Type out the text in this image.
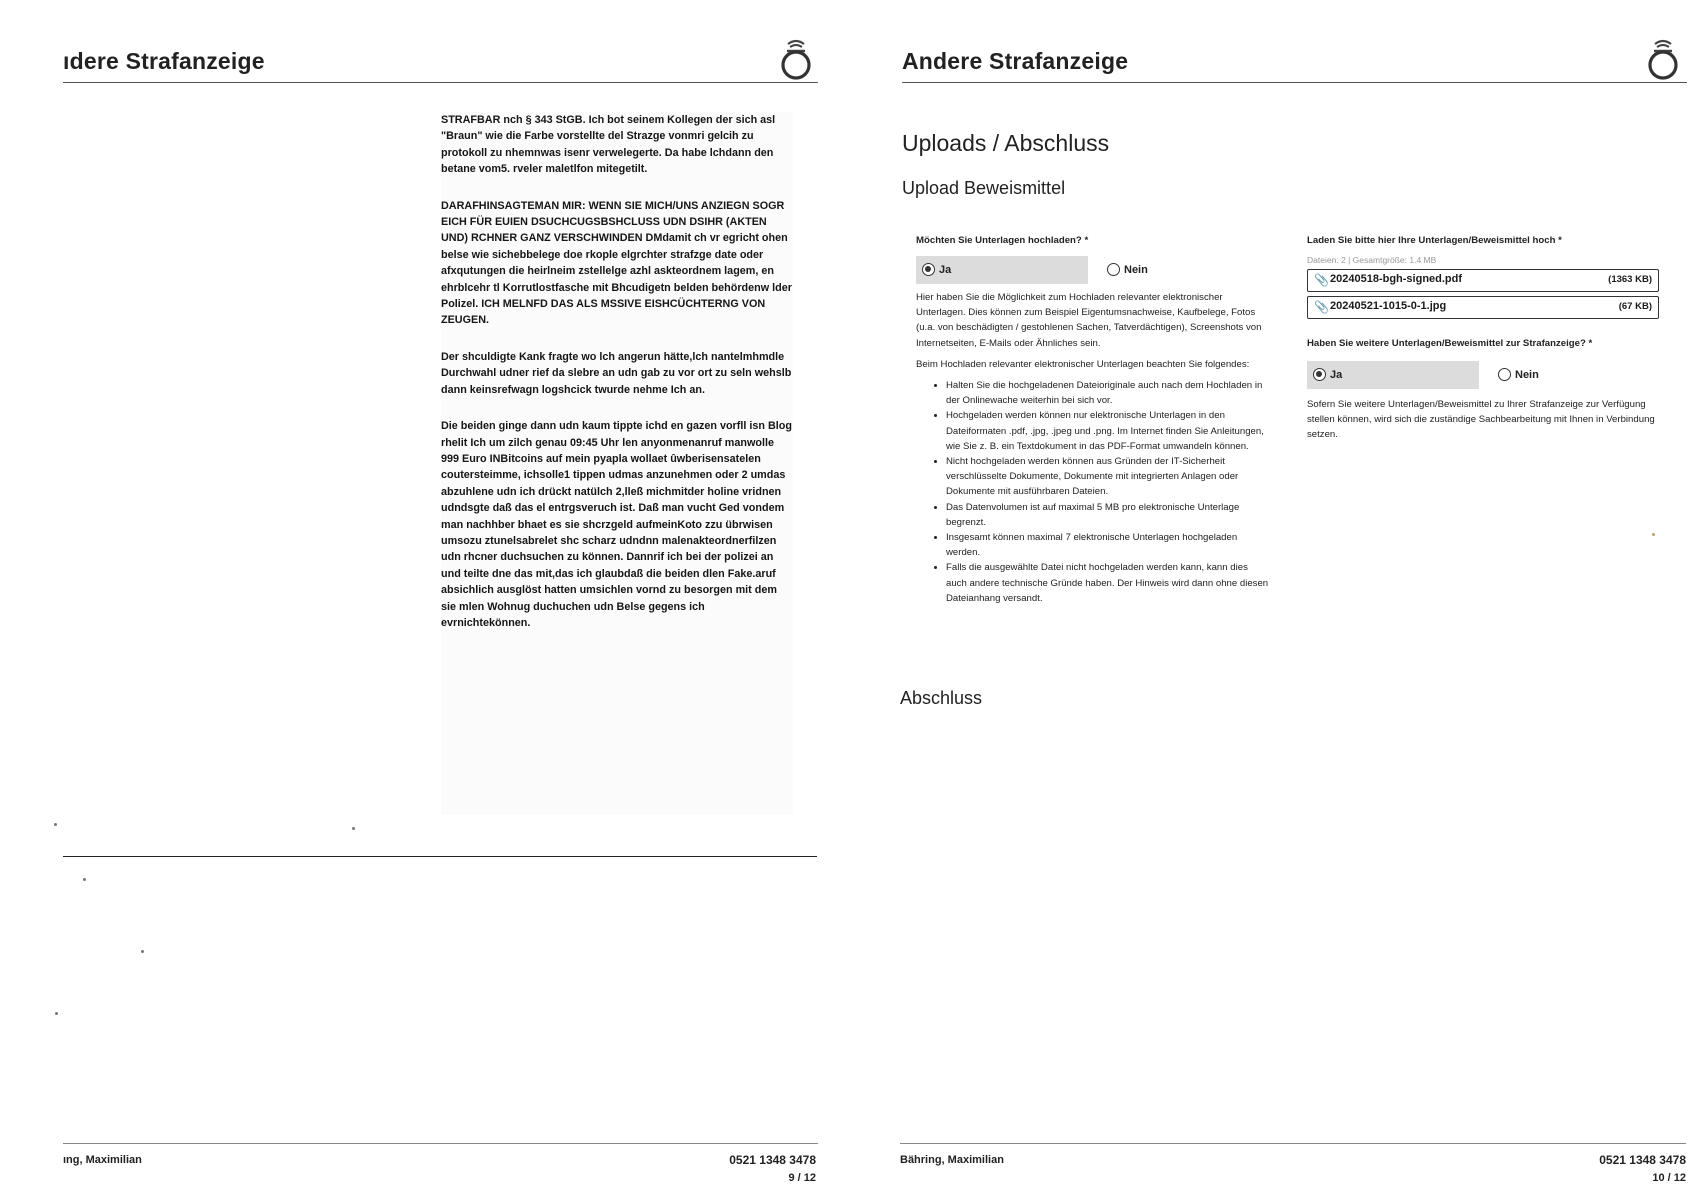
ıdere Strafanzeige

STRAFBAR nch § 343 StGB. Ich bot seinem Kollegen der sich asl "Braun" wie die Farbe vorstellte del Strazge vonmri gelcih zu protokoll zu nhemnwas isenr verwelegerte. Da habe lchdann den betane vom5. rveler maletlfon mitegetilt.

DARAFHINSAGTEMAN MIR: WENN SIE MICH/UNS ANZIEGN SOGR EICH FÜR EUIEN DSUCHCUGSBSHCLUSS UDN DSIHR (AKTEN UND) RCHNER GANZ VERSCHWINDEN DMdamit ch vr egricht ohen belse wie sichebbelege doe rkople elgrchter strafzge date oder afxqutungen die heirlneim zstellelge azhl askteordnem lagem, en ehrblcehr tl Korrutlostfasche mit Bhcudigetn belden behördenw lder Polizel. ICH MELNFD DAS ALS MSSIVE EISHCÜCHTERNG VON ZEUGEN.

Der shculdigte Kank fragte wo lch angerun hätte,lch nantelmhmdle Durchwahl udner rief da slebre an udn gab zu vor ort zu seln wehslb dann keinsrefwagn logshcick twurde nehme Ich an.

Die beiden ginge dann udn kaum tippte ichd en gazen vorfll isn Blog rhelit Ich um zilch genau 09:45 Uhr len anyonmenanruf manwolle 999 Euro INBitcoins auf mein pyapla wollaet ûwberisensatelen coutersteimme, ichsolle1 tippen udmas anzunehmen oder 2 umdas abzuhlene udn ich drückt natülch 2,lleß michmitder holine vridnen udndsgte daß das el entrgsveruch ist. Daß man vucht Ged vondem man nachhber bhaet es sie shcrzgeld aufmeinKoto zzu übrwisen umsozu ztunelsabrelet shc scharz udndnn malenakteordnerfilzen udn rhcner duchsuchen zu können. Dannrif ich bei der polizei an und teilte dne das mit,das ich glaubdaß die beiden dlen Fake.aruf absichlich ausglöst hatten umsichlen vornd zu besorgen mit dem sie mlen Wohnug duchuchen udn Belse gegens ich evrnichtekönnen.

ıng, Maximilian	0521 1348 3478
9 / 12
Andere Strafanzeige
Uploads / Abschluss
Upload Beweismittel
Möchten Sie Unterlagen hochladen? *
Ja	Nein
Hier haben Sie die Möglichkeit zum Hochladen relevanter elektronischer Unterlagen. Dies können zum Beispiel Eigentumsnachweise, Kaufbelege, Fotos (u.a. von beschädigten / gestohlenen Sachen, Tatverdächtigen), Screenshots von Internetseiten, E-Mails oder Ähnliches sein.
Beim Hochladen relevanter elektronischer Unterlagen beachten Sie folgendes:
• Halten Sie die hochgeladenen Dateioriginale auch nach dem Hochladen in der Onlinewache weiterhin bei sich vor.
• Hochgeladen werden können nur elektronische Unterlagen in den Dateiformaten .pdf, .jpg, .jpeg und .png. Im Internet finden Sie Anleitungen, wie Sie z. B. ein Textdokument in das PDF-Format umwandeln können.
• Nicht hochgeladen werden können aus Gründen der IT-Sicherheit verschlüsselte Dokumente, Dokumente mit integrierten Anlagen oder Dokumente mit ausführbaren Dateien.
• Das Datenvolumen ist auf maximal 5 MB pro elektronische Unterlage begrenzt.
• Insgesamt können maximal 7 elektronische Unterlagen hochgeladen werden.
• Falls die ausgewählte Datei nicht hochgeladen werden kann, kann dies auch andere technische Gründe haben. Der Hinweis wird dann ohne diesen Dateianhang versandt.
Laden Sie bitte hier Ihre Unterlagen/Beweismittel hoch *
Dateien: 2 | Gesamtgröße: 1.4 MB
📎 20240518-bgh-signed.pdf	(1363 KB)
📎 20240521-1015-0-1.jpg	(67 KB)
Haben Sie weitere Unterlagen/Beweismittel zur Strafanzeige? *
Ja	Nein
Sofern Sie weitere Unterlagen/Beweismittel zu Ihrer Strafanzeige zur Verfügung stellen können, wird sich die zuständige Sachbearbeitung mit Ihnen in Verbindung setzen.
Abschluss
Bähring, Maximilian	0521 1348 3478
10 / 12
